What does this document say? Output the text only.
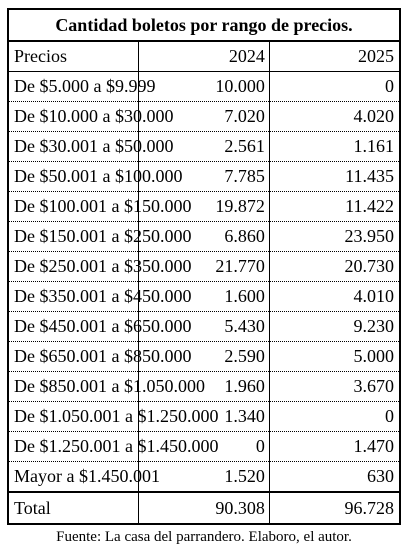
Cantidad boletos por rango de precios.		
Precios	2024	2025
De $5.000 a $9.999	10.000	0
De $10.000 a $30.000	7.020	4.020
De $30.001 a $50.000	2.561	1.161
De $50.001 a $100.000	7.785	11.435
De $100.001 a $150.000	19.872	11.422
De $150.001 a $250.000	6.860	23.950
De $250.001 a $350.000	21.770	20.730
De $350.001 a $450.000	1.600	4.010
De $450.001 a $650.000	5.430	9.230
De $650.001 a $850.000	2.590	5.000
De $850.001 a $1.050.000	1.960	3.670
De $1.050.001 a $1.250.000	1.340	0
De $1.250.001 a $1.450.000	0	1.470
Mayor a $1.450.001	1.520	630
Total	90.308	96.728
Fuente: La casa del parrandero. Elaboro, el autor.
